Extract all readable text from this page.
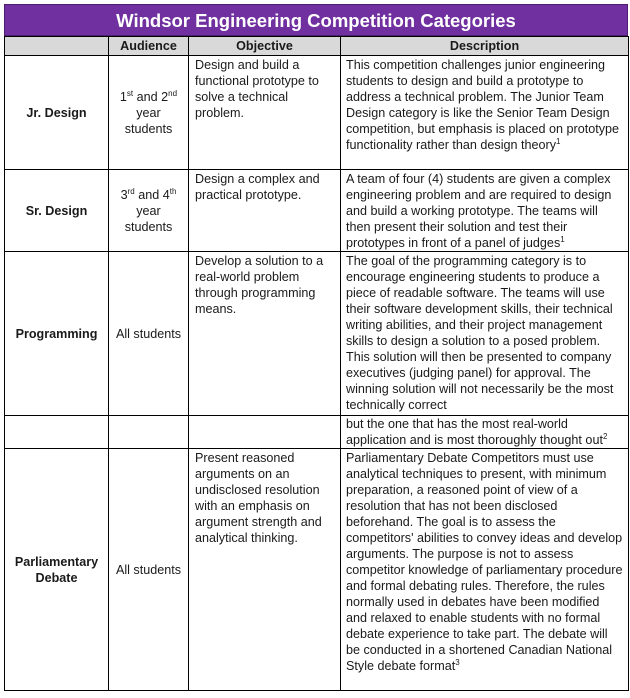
Windsor Engineering Competition Categories
	Audience	Objective	Description
Jr. Design	1st and 2nd year students	Design and build a functional prototype to solve a technical problem.	This competition challenges junior engineering students to design and build a prototype to address a technical problem. The Junior Team Design category is like the Senior Team Design competition, but emphasis is placed on prototype functionality rather than design theory$^1$
Sr. Design	3rd and 4th year students	Design a complex and practical prototype.	A team of four (4) students are given a complex engineering problem and are required to design and build a working prototype. The teams will then present their solution and test their prototypes in front of a panel of judges$^1$
Programming	All students	Develop a solution to a real-world problem through programming means.	The goal of the programming category is to encourage engineering students to produce a piece of readable software. The teams will use their software development skills, their technical writing abilities, and their project management skills to design a solution to a posed problem. This solution will then be presented to company executives (judging panel) for approval. The winning solution will not necessarily be the most technically correct
			but the one that has the most real-world application and is most thoroughly thought out$^2$
Parliamentary Debate	All students	Present reasoned arguments on an undisclosed resolution with an emphasis on argument strength and analytical thinking.	Parliamentary Debate Competitors must use analytical techniques to present, with minimum preparation, a reasoned point of view of a resolution that has not been disclosed beforehand. The goal is to assess the competitors' abilities to convey ideas and develop arguments. The purpose is not to assess competitor knowledge of parliamentary procedure and formal debating rules. Therefore, the rules normally used in debates have been modified and relaxed to enable students with no formal debate experience to take part. The debate will be conducted in a shortened Canadian National Style debate format$^3$
